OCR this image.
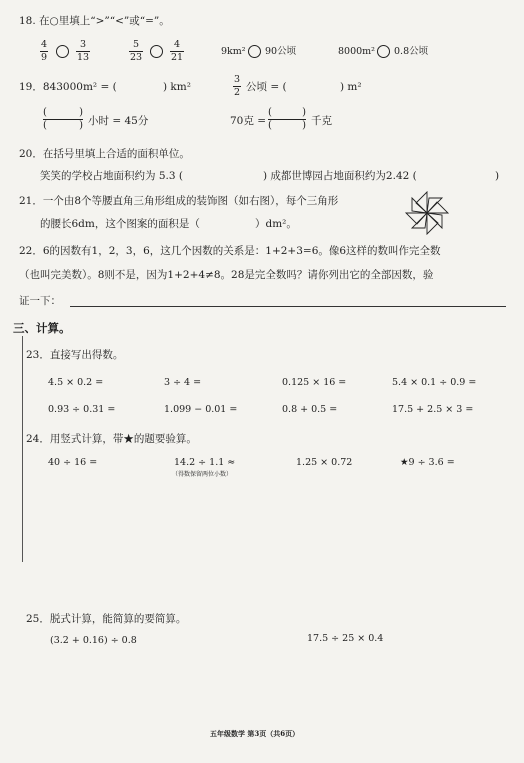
18. 在○里填上“>”“<”或“=”。
4
9
3
13
5
23
4
21	9km² 90公顷	8000m² 0.8公顷
19．843000m² = (	) km²
3
2 公顷 = (	) m²
(	)
(	) 小时 = 45分	70克 =
(	)
(	) 千克
20．在括号里填上合适的面积单位。
笑笑的学校占地面积约为 5.3 (	) 成都世博园占地面积约为2.42 (	)
21．一个由8个等腰直角三角形组成的装饰图（如右图），每个三角形
的腰长6dm，这个图案的面积是（	）dm²。
22．6的因数有1，2，3，6，这几个因数的关系是：1+2+3=6。像6这样的数叫作完全数
（也叫完美数）。8则不是，因为1+2+4≠8。28是完全数吗？请你列出它的全部因数，验
证一下：
三、计算。
23．直接写出得数。
4.5 × 0.2 =	3 ÷ 4 =	0.125 × 16 =	5.4 × 0.1 ÷ 0.9 =
0.93 ÷ 0.31 =	1.099 − 0.01 =	0.8 + 0.5 =	17.5 + 2.5 × 3 =
24．用竖式计算，带★的题要验算。
40 ÷ 16 =	14.2 ÷ 1.1 ≈
（得数保留两位小数）
1.25 × 0.72	★9 ÷ 3.6 =
25．脱式计算，能简算的要简算。
(3.2 + 0.16) ÷ 0.8	17.5 ÷ 25 × 0.4
五年级数学 第3页（共6页）
